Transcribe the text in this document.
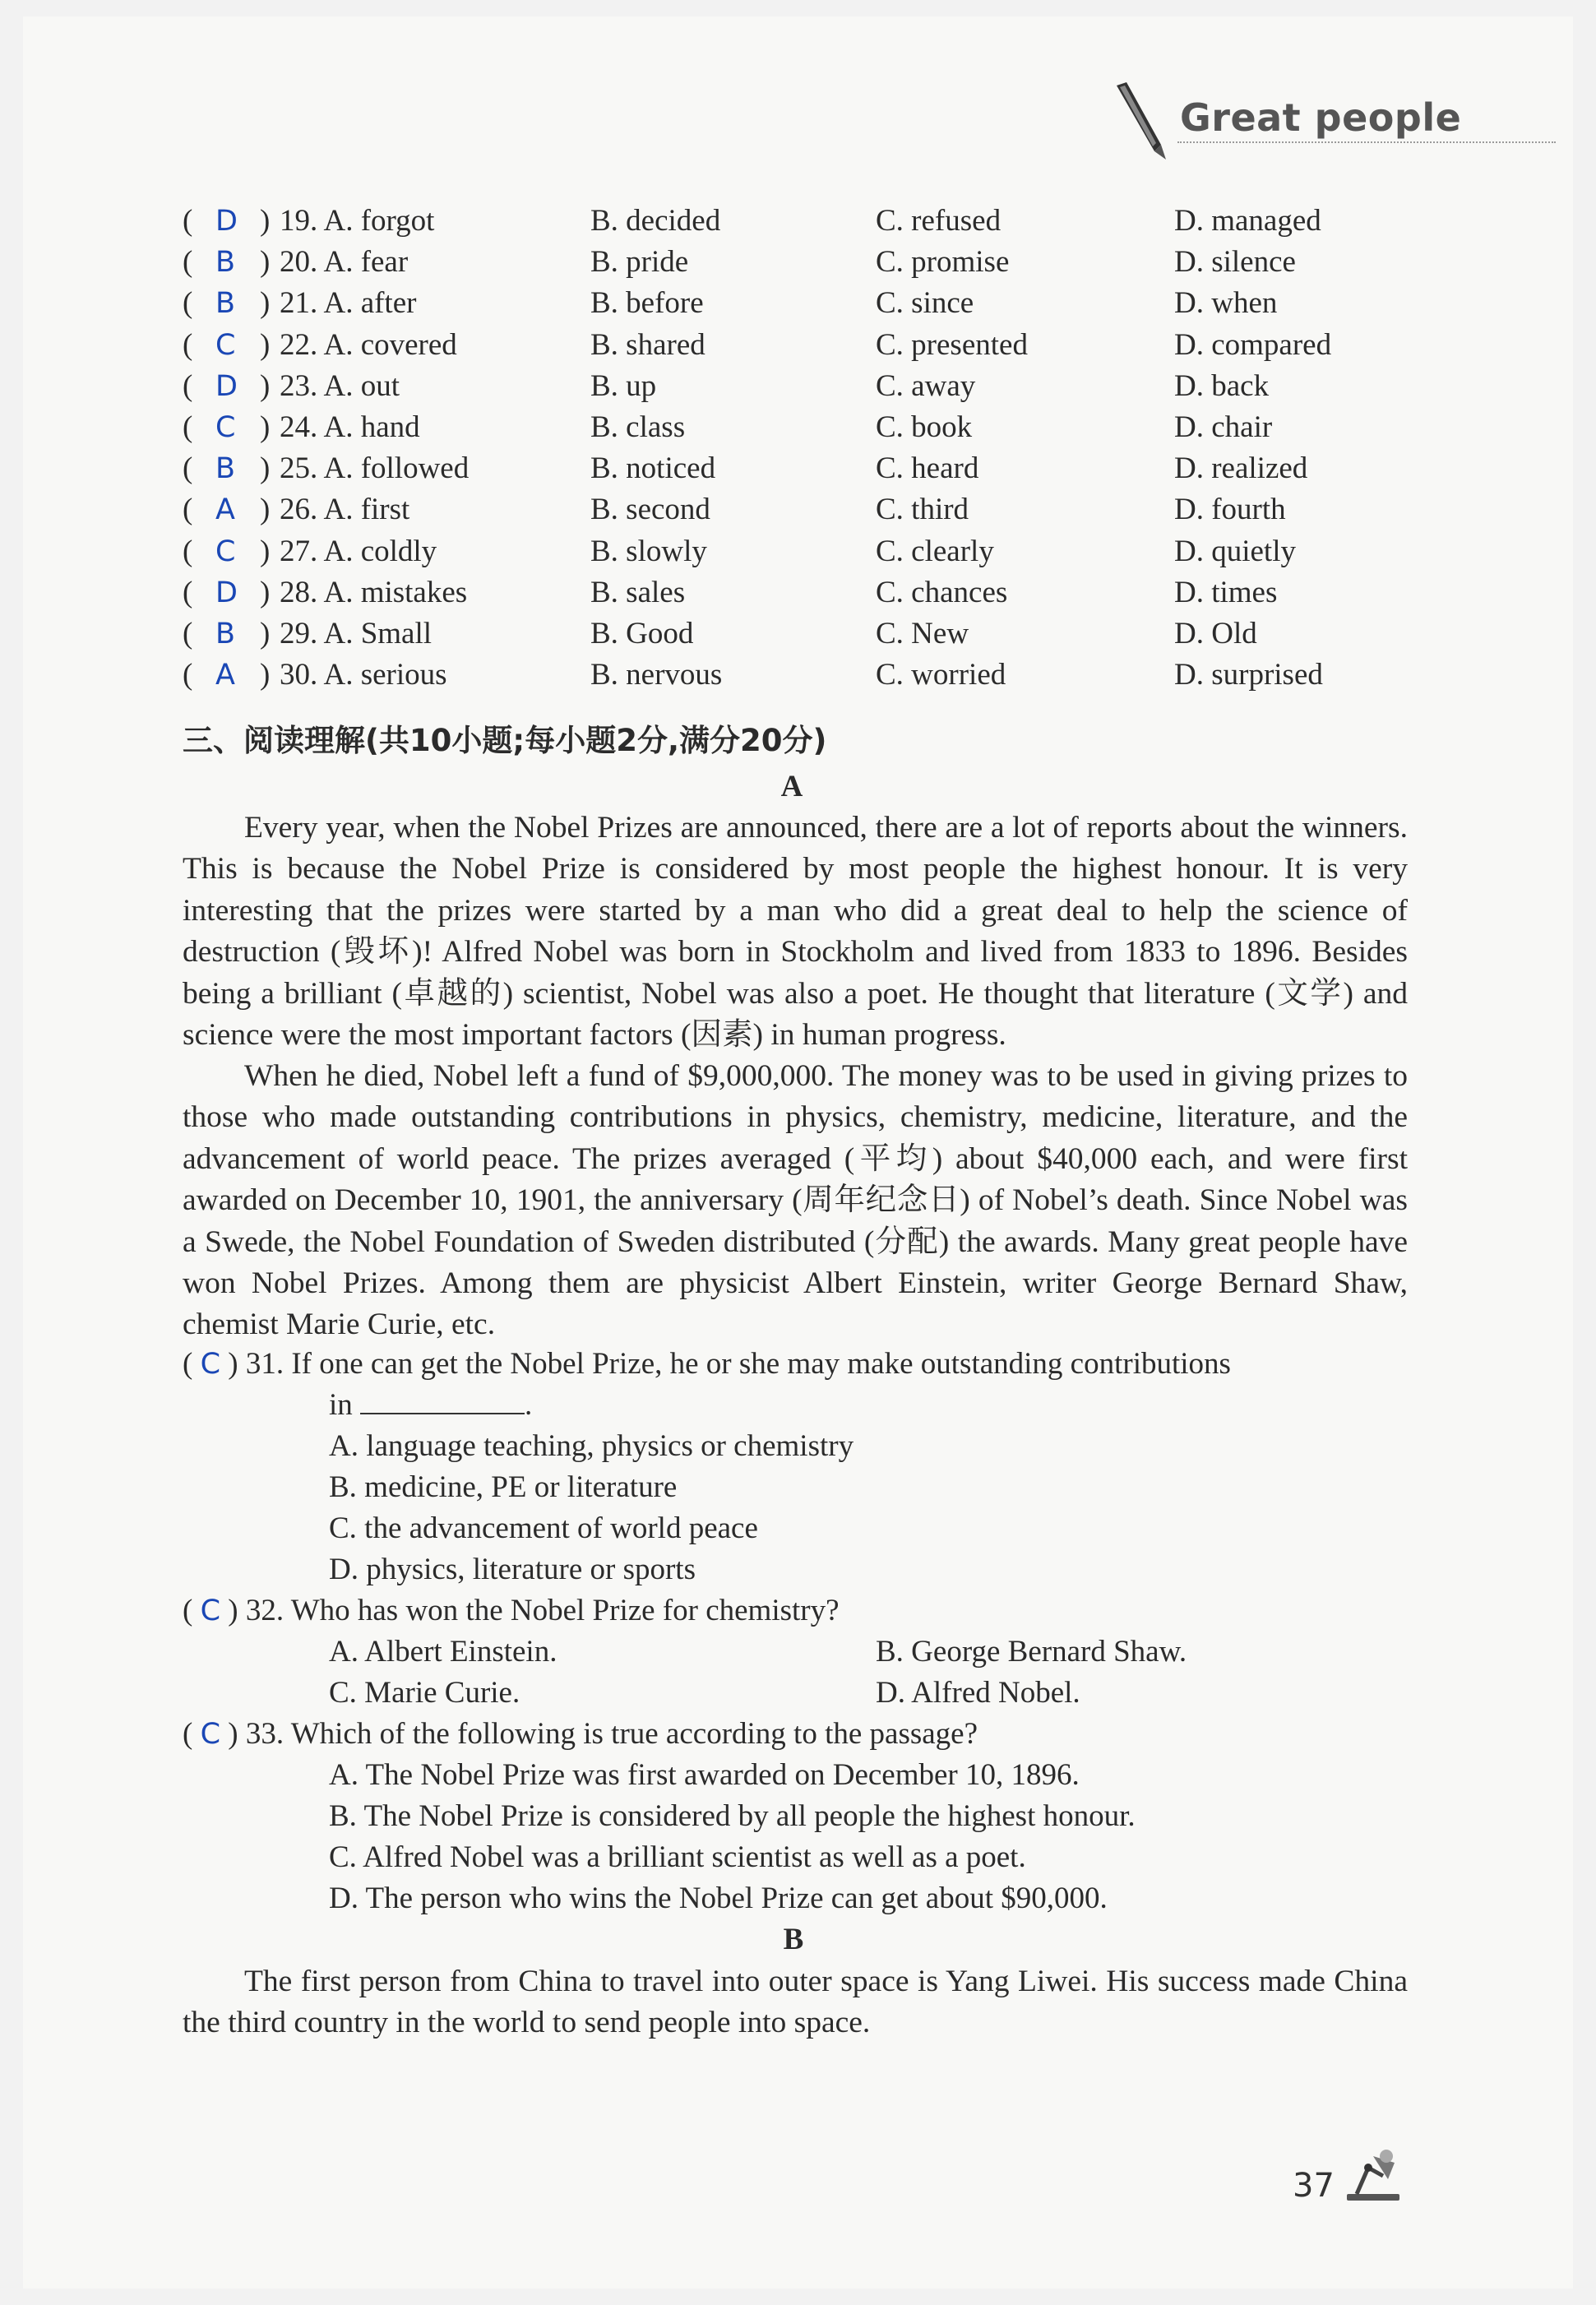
Great people
( D ) 19. A. forgot	B. decided	C. refused	D. managed
( B ) 20. A. fear	B. pride	C. promise	D. silence
( B ) 21. A. after	B. before	C. since	D. when
( C ) 22. A. covered	B. shared	C. presented	D. compared
( D ) 23. A. out	B. up	C. away	D. back
( C ) 24. A. hand	B. class	C. book	D. chair
( B ) 25. A. followed	B. noticed	C. heard	D. realized
( A ) 26. A. first	B. second	C. third	D. fourth
( C ) 27. A. coldly	B. slowly	C. clearly	D. quietly
( D ) 28. A. mistakes	B. sales	C. chances	D. times
( B ) 29. A. Small	B. Good	C. New	D. Old
( A ) 30. A. serious	B. nervous	C. worried	D. surprised
三、阅读理解(共10小题;每小题2分,满分20分)
A

Every year, when the Nobel Prizes are announced, there are a lot of reports about the winners. This is because the Nobel Prize is considered by most people the highest honour. It is very interesting that the prizes were started by a man who did a great deal to help the science of destruction (毁坏)! Alfred Nobel was born in Stockholm and lived from 1833 to 1896. Besides being a brilliant (卓越的) scientist, Nobel was also a poet. He thought that literature (文学) and science were the most important factors (因素) in human progress.

When he died, Nobel left a fund of $9,000,000. The money was to be used in giving prizes to those who made outstanding contributions in physics, chemistry, medicine, literature, and the advancement of world peace. The prizes averaged (平均) about $40,000 each, and were first awarded on December 10, 1901, the anniversary (周年纪念日) of Nobel’s death. Since Nobel was a Swede, the Nobel Foundation of Sweden distributed (分配) the awards. Many great people have won Nobel Prizes. Among them are physicist Albert Einstein, writer George Bernard Shaw, chemist Marie Curie, etc.

( C ) 31. If one can get the Nobel Prize, he or she may make outstanding contributions
in	.
A. language teaching, physics or chemistry
B. medicine, PE or literature
C. the advancement of world peace
D. physics, literature or sports
( C ) 32. Who has won the Nobel Prize for chemistry?
A. Albert Einstein.	B. George Bernard Shaw.
C. Marie Curie.	D. Alfred Nobel.
( C ) 33. Which of the following is true according to the passage?
A. The Nobel Prize was first awarded on December 10, 1896.
B. The Nobel Prize is considered by all people the highest honour.
C. Alfred Nobel was a brilliant scientist as well as a poet.
D. The person who wins the Nobel Prize can get about $90,000.
B

The first person from China to travel into outer space is Yang Liwei. His success made China the third country in the world to send people into space.

37
